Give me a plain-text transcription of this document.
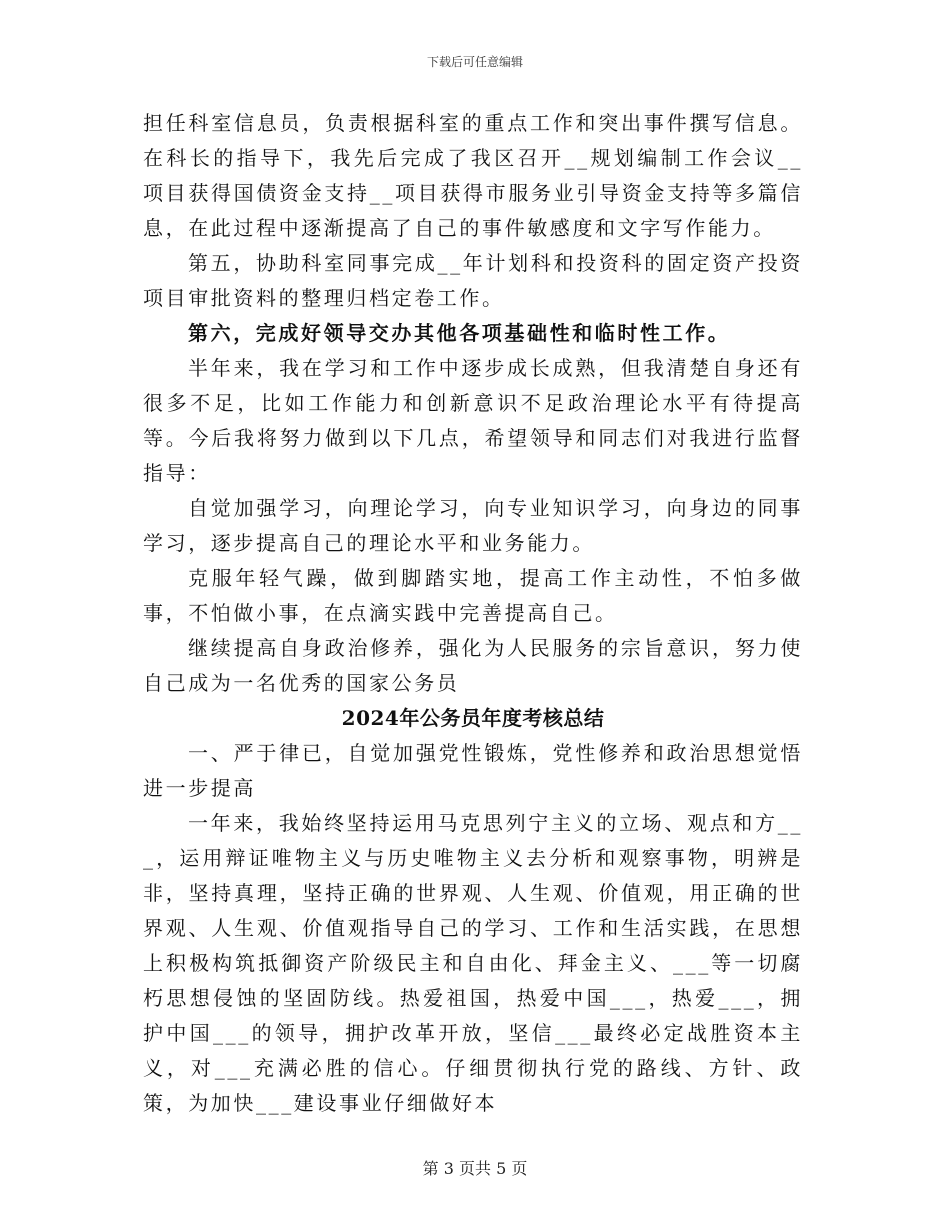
下载后可任意编辑

担任科室信息员，负责根据科室的重点工作和突出事件撰写信息。在科长的指导下，我先后完成了我区召开__规划编制工作会议__项目获得国债资金支持__项目获得市服务业引导资金支持等多篇信息，在此过程中逐渐提高了自己的事件敏感度和文字写作能力。

第五，协助科室同事完成__年计划科和投资科的固定资产投资项目审批资料的整理归档定卷工作。

第六，完成好领导交办其他各项基础性和临时性工作。

半年来，我在学习和工作中逐步成长成熟，但我清楚自身还有很多不足，比如工作能力和创新意识不足政治理论水平有待提高等。今后我将努力做到以下几点，希望领导和同志们对我进行监督指导：

自觉加强学习，向理论学习，向专业知识学习，向身边的同事学习，逐步提高自己的理论水平和业务能力。

克服年轻气躁，做到脚踏实地，提高工作主动性，不怕多做事，不怕做小事，在点滴实践中完善提高自己。

继续提高自身政治修养，强化为人民服务的宗旨意识，努力使自己成为一名优秀的国家公务员

2024年公务员年度考核总结

一、严于律已，自觉加强党性锻炼，党性修养和政治思想觉悟进一步提高

一年来，我始终坚持运用马克思列宁主义的立场、观点和方___，运用辩证唯物主义与历史唯物主义去分析和观察事物，明辨是非，坚持真理，坚持正确的世界观、人生观、价值观，用正确的世界观、人生观、价值观指导自己的学习、工作和生活实践，在思想上积极构筑抵御资产阶级民主和自由化、拜金主义、___等一切腐朽思想侵蚀的坚固防线。热爱祖国，热爱中国___，热爱___，拥护中国___的领导，拥护改革开放，坚信___最终必定战胜资本主义，对___充满必胜的信心。仔细贯彻执行党的路线、方针、政策，为加快___建设事业仔细做好本

第 3 页共 5 页
